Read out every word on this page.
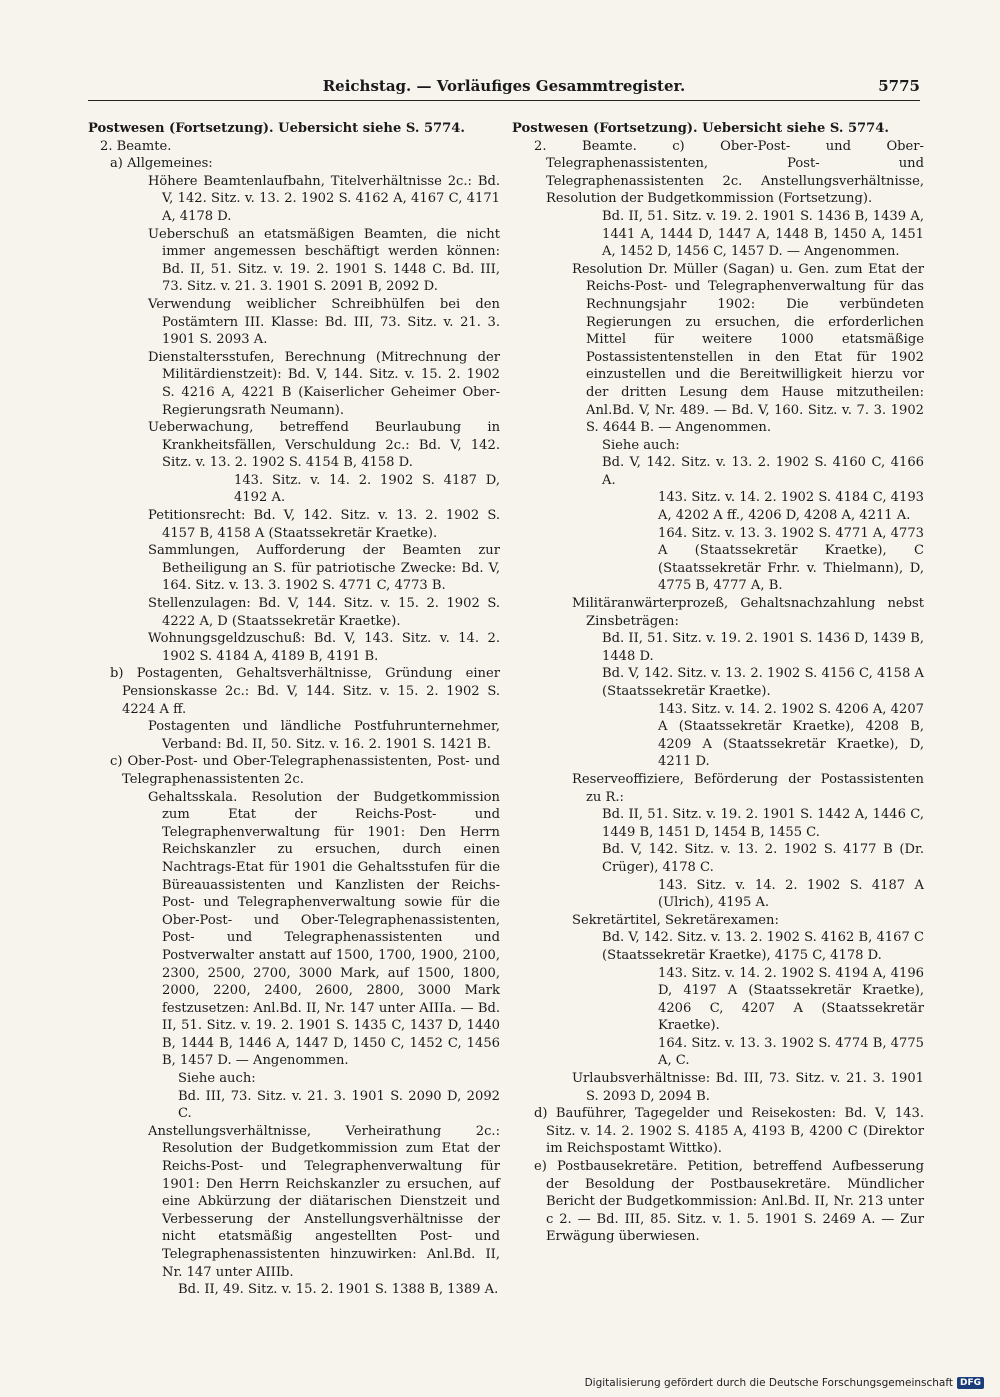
Reichstag. — Vorläufiges Gesammtregister.	5775

Postwesen (Fortsetzung). Uebersicht siehe S. 5774.

2. Beamte.

a) Allgemeines:

Höhere Beamtenlaufbahn, Titelverhältnisse 2c.: Bd. V, 142. Sitz. v. 13. 2. 1902 S. 4162 A, 4167 C, 4171 A, 4178 D.

Ueberschuß an etatsmäßigen Beamten, die nicht immer angemessen beschäftigt werden können: Bd. II, 51. Sitz. v. 19. 2. 1901 S. 1448 C. Bd. III, 73. Sitz. v. 21. 3. 1901 S. 2091 B, 2092 D.

Verwendung weiblicher Schreibhülfen bei den Postämtern III. Klasse: Bd. III, 73. Sitz. v. 21. 3. 1901 S. 2093 A.

Dienstaltersstufen, Berechnung (Mitrechnung der Militärdienstzeit): Bd. V, 144. Sitz. v. 15. 2. 1902 S. 4216 A, 4221 B (Kaiserlicher Geheimer Ober-Regierungsrath Neumann).

Ueberwachung, betreffend Beurlaubung in Krankheitsfällen, Verschuldung 2c.: Bd. V, 142. Sitz. v. 13. 2. 1902 S. 4154 B, 4158 D.

143. Sitz. v. 14. 2. 1902 S. 4187 D, 4192 A.

Petitionsrecht: Bd. V, 142. Sitz. v. 13. 2. 1902 S. 4157 B, 4158 A (Staatssekretär Kraetke).

Sammlungen, Aufforderung der Beamten zur Betheiligung an S. für patriotische Zwecke: Bd. V, 164. Sitz. v. 13. 3. 1902 S. 4771 C, 4773 B.

Stellenzulagen: Bd. V, 144. Sitz. v. 15. 2. 1902 S. 4222 A, D (Staatssekretär Kraetke).

Wohnungsgeldzuschuß: Bd. V, 143. Sitz. v. 14. 2. 1902 S. 4184 A, 4189 B, 4191 B.

b) Postagenten, Gehaltsverhältnisse, Gründung einer Pensionskasse 2c.: Bd. V, 144. Sitz. v. 15. 2. 1902 S. 4224 A ff.

Postagenten und ländliche Postfuhrunternehmer, Verband: Bd. II, 50. Sitz. v. 16. 2. 1901 S. 1421 B.

c) Ober-Post- und Ober-Telegraphenassistenten, Post- und Telegraphenassistenten 2c.

Gehaltsskala. Resolution der Budgetkommission zum Etat der Reichs-Post- und Telegraphenverwaltung für 1901: Den Herrn Reichskanzler zu ersuchen, durch einen Nachtrags-Etat für 1901 die Gehaltsstufen für die Büreauassistenten und Kanzlisten der Reichs-Post- und Telegraphenverwaltung sowie für die Ober-Post- und Ober-Telegraphenassistenten, Post- und Telegraphenassistenten und Postverwalter anstatt auf 1500, 1700, 1900, 2100, 2300, 2500, 2700, 3000 Mark, auf 1500, 1800, 2000, 2200, 2400, 2600, 2800, 3000 Mark festzusetzen: Anl.Bd. II, Nr. 147 unter AIIIa. — Bd. II, 51. Sitz. v. 19. 2. 1901 S. 1435 C, 1437 D, 1440 B, 1444 B, 1446 A, 1447 D, 1450 C, 1452 C, 1456 B, 1457 D. — Angenommen.

Siehe auch:

Bd. III, 73. Sitz. v. 21. 3. 1901 S. 2090 D, 2092 C.

Anstellungsverhältnisse, Verheirathung 2c.: Resolution der Budgetkommission zum Etat der Reichs-Post- und Telegraphenverwaltung für 1901: Den Herrn Reichskanzler zu ersuchen, auf eine Abkürzung der diätarischen Dienstzeit und Verbesserung der Anstellungsverhältnisse der nicht etatsmäßig angestellten Post- und Telegraphenassistenten hinzuwirken: Anl.Bd. II, Nr. 147 unter AIIIb.

Bd. II, 49. Sitz. v. 15. 2. 1901 S. 1388 B, 1389 A.

Postwesen (Fortsetzung). Uebersicht siehe S. 5774.

2. Beamte. c) Ober-Post- und Ober-Telegraphenassistenten, Post- und Telegraphenassistenten 2c. Anstellungsverhältnisse, Resolution der Budgetkommission (Fortsetzung).

Bd. II, 51. Sitz. v. 19. 2. 1901 S. 1436 B, 1439 A, 1441 A, 1444 D, 1447 A, 1448 B, 1450 A, 1451 A, 1452 D, 1456 C, 1457 D. — Angenommen.

Resolution Dr. Müller (Sagan) u. Gen. zum Etat der Reichs-Post- und Telegraphenverwaltung für das Rechnungsjahr 1902: Die verbündeten Regierungen zu ersuchen, die erforderlichen Mittel für weitere 1000 etatsmäßige Postassistentenstellen in den Etat für 1902 einzustellen und die Bereitwilligkeit hierzu vor der dritten Lesung dem Hause mitzutheilen: Anl.Bd. V, Nr. 489. — Bd. V, 160. Sitz. v. 7. 3. 1902 S. 4644 B. — Angenommen.

Siehe auch:

Bd. V, 142. Sitz. v. 13. 2. 1902 S. 4160 C, 4166 A.

143. Sitz. v. 14. 2. 1902 S. 4184 C, 4193 A, 4202 A ff., 4206 D, 4208 A, 4211 A.

164. Sitz. v. 13. 3. 1902 S. 4771 A, 4773 A (Staatssekretär Kraetke), C (Staatssekretär Frhr. v. Thielmann), D, 4775 B, 4777 A, B.

Militäranwärterprozeß, Gehaltsnachzahlung nebst Zinsbeträgen:

Bd. II, 51. Sitz. v. 19. 2. 1901 S. 1436 D, 1439 B, 1448 D.

Bd. V, 142. Sitz. v. 13. 2. 1902 S. 4156 C, 4158 A (Staatssekretär Kraetke).

143. Sitz. v. 14. 2. 1902 S. 4206 A, 4207 A (Staatssekretär Kraetke), 4208 B, 4209 A (Staatssekretär Kraetke), D, 4211 D.

Reserveoffiziere, Beförderung der Postassistenten zu R.:

Bd. II, 51. Sitz. v. 19. 2. 1901 S. 1442 A, 1446 C, 1449 B, 1451 D, 1454 B, 1455 C.

Bd. V, 142. Sitz. v. 13. 2. 1902 S. 4177 B (Dr. Crüger), 4178 C.

143. Sitz. v. 14. 2. 1902 S. 4187 A (Ulrich), 4195 A.

Sekretärtitel, Sekretärexamen:

Bd. V, 142. Sitz. v. 13. 2. 1902 S. 4162 B, 4167 C (Staatssekretär Kraetke), 4175 C, 4178 D.

143. Sitz. v. 14. 2. 1902 S. 4194 A, 4196 D, 4197 A (Staatssekretär Kraetke), 4206 C, 4207 A (Staatssekretär Kraetke).

164. Sitz. v. 13. 3. 1902 S. 4774 B, 4775 A, C.

Urlaubsverhältnisse: Bd. III, 73. Sitz. v. 21. 3. 1901 S. 2093 D, 2094 B.

d) Bauführer, Tagegelder und Reisekosten: Bd. V, 143. Sitz. v. 14. 2. 1902 S. 4185 A, 4193 B, 4200 C (Direktor im Reichspostamt Wittko).

e) Postbausekretäre. Petition, betreffend Aufbesserung der Besoldung der Postbausekretäre. Mündlicher Bericht der Budgetkommission: Anl.Bd. II, Nr. 213 unter c 2. — Bd. III, 85. Sitz. v. 1. 5. 1901 S. 2469 A. — Zur Erwägung überwiesen.

Digitalisierung gefördert durch die Deutsche Forschungsgemeinschaft DFG
